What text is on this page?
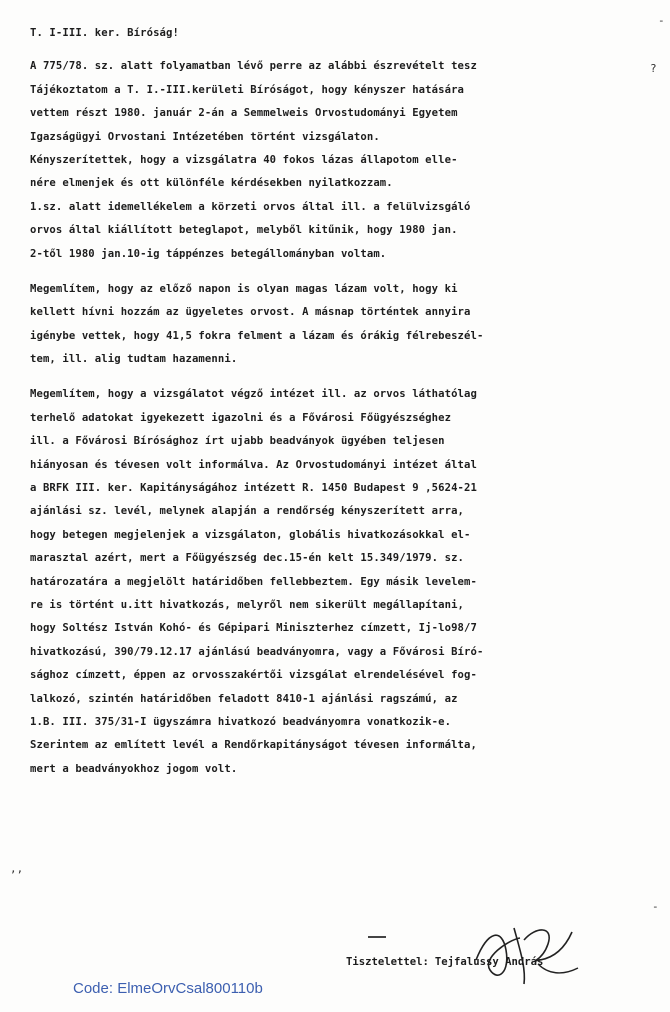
T. I-III. ker. Bíróság!
A 775/78. sz. alatt folyamatban lévő perre az alábbi észrevételt tesz
Tájékoztatom a T. I.-III.kerületi Bíróságot, hogy kényszer hatására
vettem részt 1980. január 2-án a Semmelweis Orvostudományi Egyetem
Igazságügyi Orvostani Intézetében történt vizsgálaton.
Kényszerítettek, hogy a vizsgálatra 40 fokos lázas állapotom elle-
nére elmenjek és ott különféle kérdésekben nyilatkozzam.
1.sz. alatt idemellékelem a körzeti orvos által ill. a felülvizsgáló
orvos által kiállított beteglapot, melyből kitűnik, hogy 1980 jan.
2-től 1980 jan.10-ig táppénzes betegállományban voltam.
Megemlítem, hogy az előző napon is olyan magas lázam volt, hogy ki
kellett hívni hozzám az ügyeletes orvost. A másnap történtek annyira
igénybe vettek, hogy 41,5 fokra felment a lázam és órákig félrebeszél-
tem, ill. alig tudtam hazamenni.
Megemlítem, hogy a vizsgálatot végző intézet ill. az orvos láthatólag
terhelő adatokat igyekezett igazolni és a Fővárosi Főügyészséghez
ill. a Fővárosi Bírósághoz írt ujabb beadványok ügyében teljesen
hiányosan és tévesen volt informálva. Az Orvostudományi intézet által
a BRFK III. ker. Kapitányságához intézett R. 1450 Budapest 9 ,5624-21
ajánlási sz. levél, melynek alapján a rendőrség kényszerített arra,
hogy betegen megjelenjek a vizsgálaton, globális hivatkozásokkal el-
marasztal azért, mert a Főügyészség dec.15-én kelt 15.349/1979. sz.
határozatára a megjelölt határidőben fellebbeztem. Egy másik levelem-
re is történt u.itt hivatkozás, melyről nem sikerült megállapítani,
hogy Soltész István Kohó- és Gépipari Miniszterhez címzett, Ij-lo98/7
hivatkozású, 390/79.12.17 ajánlású beadványomra, vagy a Fővárosi Bíró-
sághoz címzett, éppen az orvosszakértői vizsgálat elrendelésével fog-
lalkozó, szintén határidőben feladott 8410-1 ajánlási ragszámú, az
1.B. III. 375/31-I ügyszámra hivatkozó beadványomra vonatkozik-e.
Szerintem az említett levél a Rendőrkapitányságot tévesen informálta,
mert a beadványokhoz jogom volt.
-
?
,,
-
Tisztelettel: Tejfalussy András
Code: ElmeOrvCsal800110b
